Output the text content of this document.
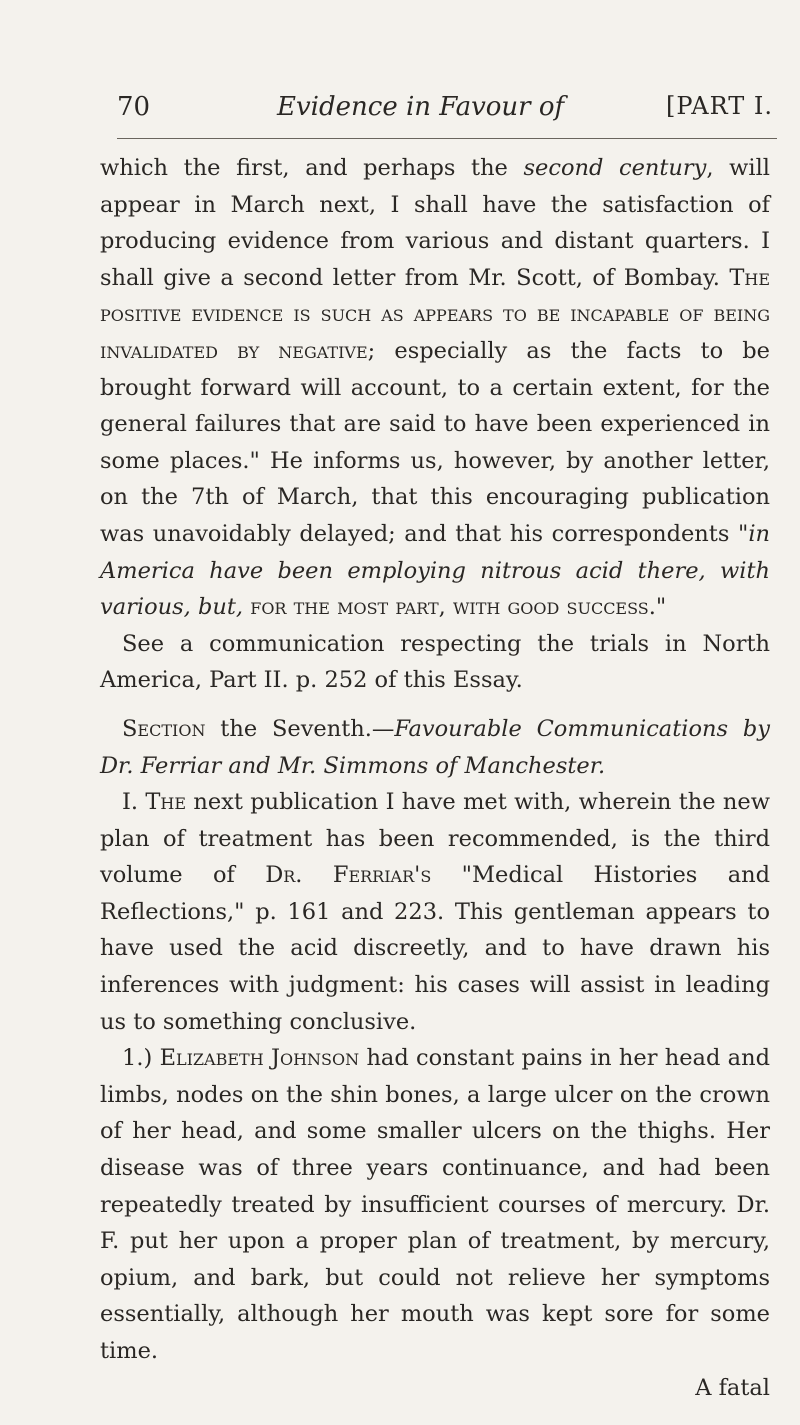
70	Evidence in Favour of	[PART I.

which the first, and perhaps the second century, will appear in March next, I shall have the satisfaction of producing evidence from various and distant quarters. I shall give a second letter from Mr. Scott, of Bombay. The positive evidence is such as appears to be incapable of being invalidated by negative; especially as the facts to be brought forward will account, to a certain extent, for the general failures that are said to have been experienced in some places." He informs us, however, by another letter, on the 7th of March, that this encouraging publication was unavoidably delayed; and that his correspondents "in America have been employing nitrous acid there, with various, but, for the most part, with good success."

See a communication respecting the trials in North America, Part II. p. 252 of this Essay.

Section the Seventh.—Favourable Communications by Dr. Ferriar and Mr. Simmons of Manchester.

I. The next publication I have met with, wherein the new plan of treatment has been recommended, is the third volume of Dr. Ferriar's "Medical Histories and Reflections," p. 161 and 223. This gentleman appears to have used the acid discreetly, and to have drawn his inferences with judgment: his cases will assist in leading us to something conclusive.

1.) Elizabeth Johnson had constant pains in her head and limbs, nodes on the shin bones, a large ulcer on the crown of her head, and some smaller ulcers on the thighs. Her disease was of three years continuance, and had been repeatedly treated by insufficient courses of mercury. Dr. F. put her upon a proper plan of treatment, by mercury, opium, and bark, but could not relieve her symptoms essentially, although her mouth was kept sore for some time.

A fatal
